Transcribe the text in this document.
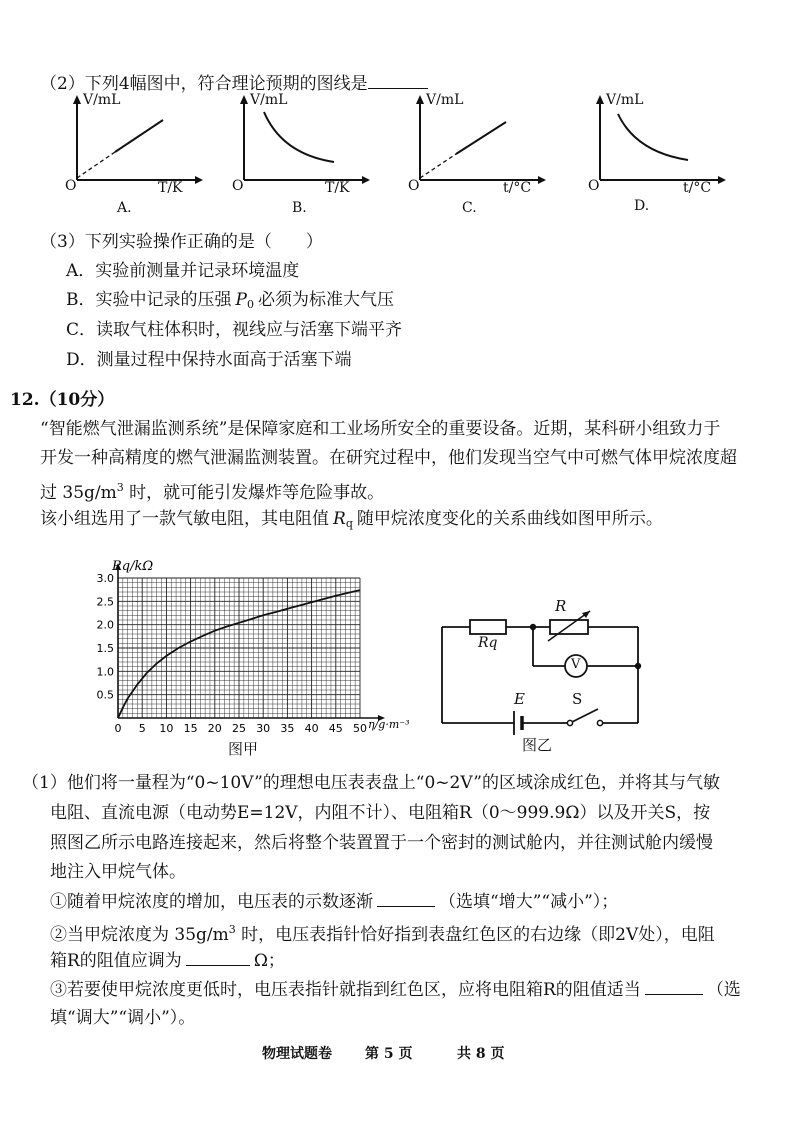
（2）下列4幅图中，符合理论预期的图线是
V/mL
O	T/K
A.
V/mL
O	T/K
B.
V/mL
O	t/°C
C.
V/mL
O	t/°C
D.
（3）下列实验操作正确的是（　　）
A．实验前测量并记录环境温度
B．实验中记录的压强 $P_0$ 必须为标准大气压
C．读取气柱体积时，视线应与活塞下端平齐
D．测量过程中保持水面高于活塞下端
12.（10分）
“智能燃气泄漏监测系统”是保障家庭和工业场所安全的重要设备。近期，某科研小组致力于
开发一种高精度的燃气泄漏监测装置。在研究过程中，他们发现当空气中可燃气体甲烷浓度超
过 $35g/m^3$ 时，就可能引发爆炸等危险事故。
该小组选用了一款气敏电阻，其电阻值 $R_q$ 随甲烷浓度变化的关系曲线如图甲所示。
0.5
1.0
1.5
2.0
2.5
3.0
0 5 10 15 20 25 30 35 40 45 50
Rq/kΩ
η/g·m⁻³
图甲
R
Rq
V
E	S
图乙
（1）他们将一量程为“0~10V”的理想电压表表盘上“0~2V”的区域涂成红色，并将其与气敏
电阻、直流电源（电动势E=12V，内阻不计）、电阻箱R（0～999.9Ω）以及开关S，按
照图乙所示电路连接起来，然后将整个装置置于一个密封的测试舱内，并往测试舱内缓慢
地注入甲烷气体。
①随着甲烷浓度的增加，电压表的示数逐渐	（选填“增大”“减小”）；
②当甲烷浓度为 $35g/m^3$ 时，电压表指针恰好指到表盘红色区的右边缘（即2V处），电阻
箱R的阻值应调为	Ω；
③若要使甲烷浓度更低时，电压表指针就指到红色区，应将电阻箱R的阻值适当	（选
填“调大”“调小”）。
物理试题卷 第 5 页	共 8 页
